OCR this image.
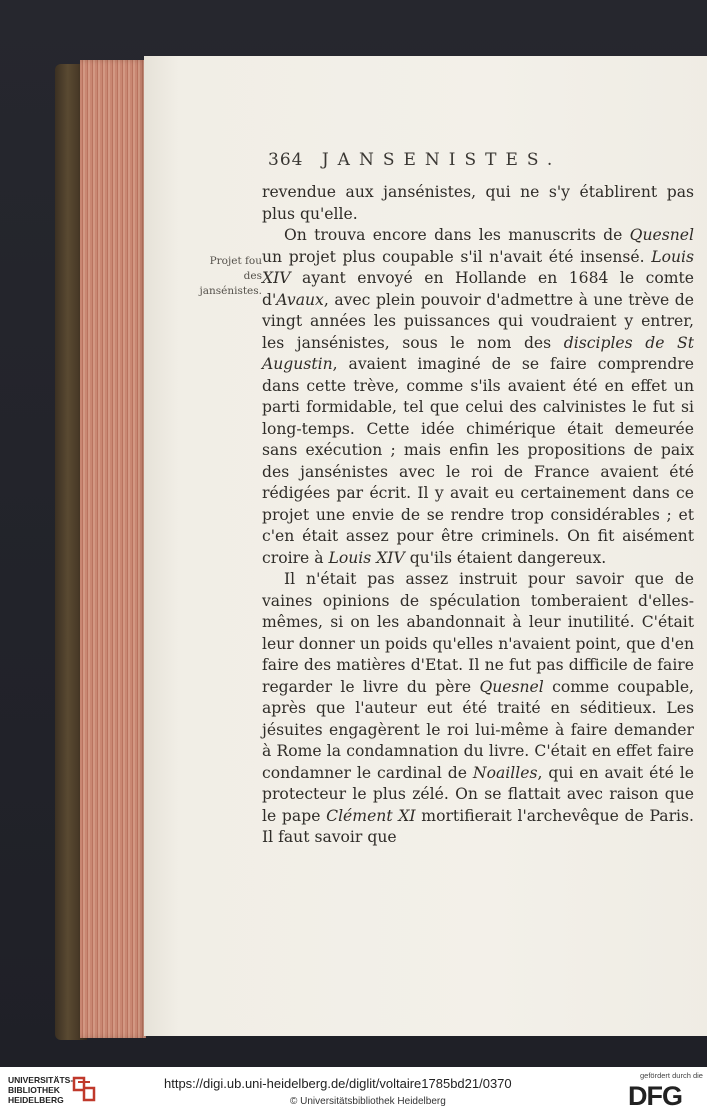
364 JANSENISTES.
Projet fou des jansénistes.

revendue aux jansénistes, qui ne s'y établirent pas plus qu'elle.

On trouva encore dans les manuscrits de Quesnel un projet plus coupable s'il n'avait été insensé. Louis XIV ayant envoyé en Hollande en 1684 le comte d'Avaux, avec plein pouvoir d'admettre à une trève de vingt années les puissances qui voudraient y entrer, les jansénistes, sous le nom des disciples de St Augustin, avaient imaginé de se faire comprendre dans cette trève, comme s'ils avaient été en effet un parti formidable, tel que celui des calvinistes le fut si long-temps. Cette idée chimérique était demeurée sans exécution ; mais enfin les propositions de paix des jansénistes avec le roi de France avaient été rédigées par écrit. Il y avait eu certainement dans ce projet une envie de se rendre trop considérables ; et c'en était assez pour être criminels. On fit aisément croire à Louis XIV qu'ils étaient dangereux.

Il n'était pas assez instruit pour savoir que de vaines opinions de spéculation tomberaient d'elles-mêmes, si on les abandonnait à leur inutilité. C'était leur donner un poids qu'elles n'avaient point, que d'en faire des matières d'Etat. Il ne fut pas difficile de faire regarder le livre du père Quesnel comme coupable, après que l'auteur eut été traité en séditieux. Les jésuites engagèrent le roi lui-même à faire demander à Rome la condamnation du livre. C'était en effet faire condamner le cardinal de Noailles, qui en avait été le protecteur le plus zélé. On se flattait avec raison que le pape Clément XI mortifierait l'archevêque de Paris. Il faut savoir que

UNIVERSITÄTS-
BIBLIOTHEK
HEIDELBERG
https://digi.ub.uni-heidelberg.de/diglit/voltaire1785bd21/0370
© Universitätsbibliothek Heidelberg
gefördert durch die
DFG
